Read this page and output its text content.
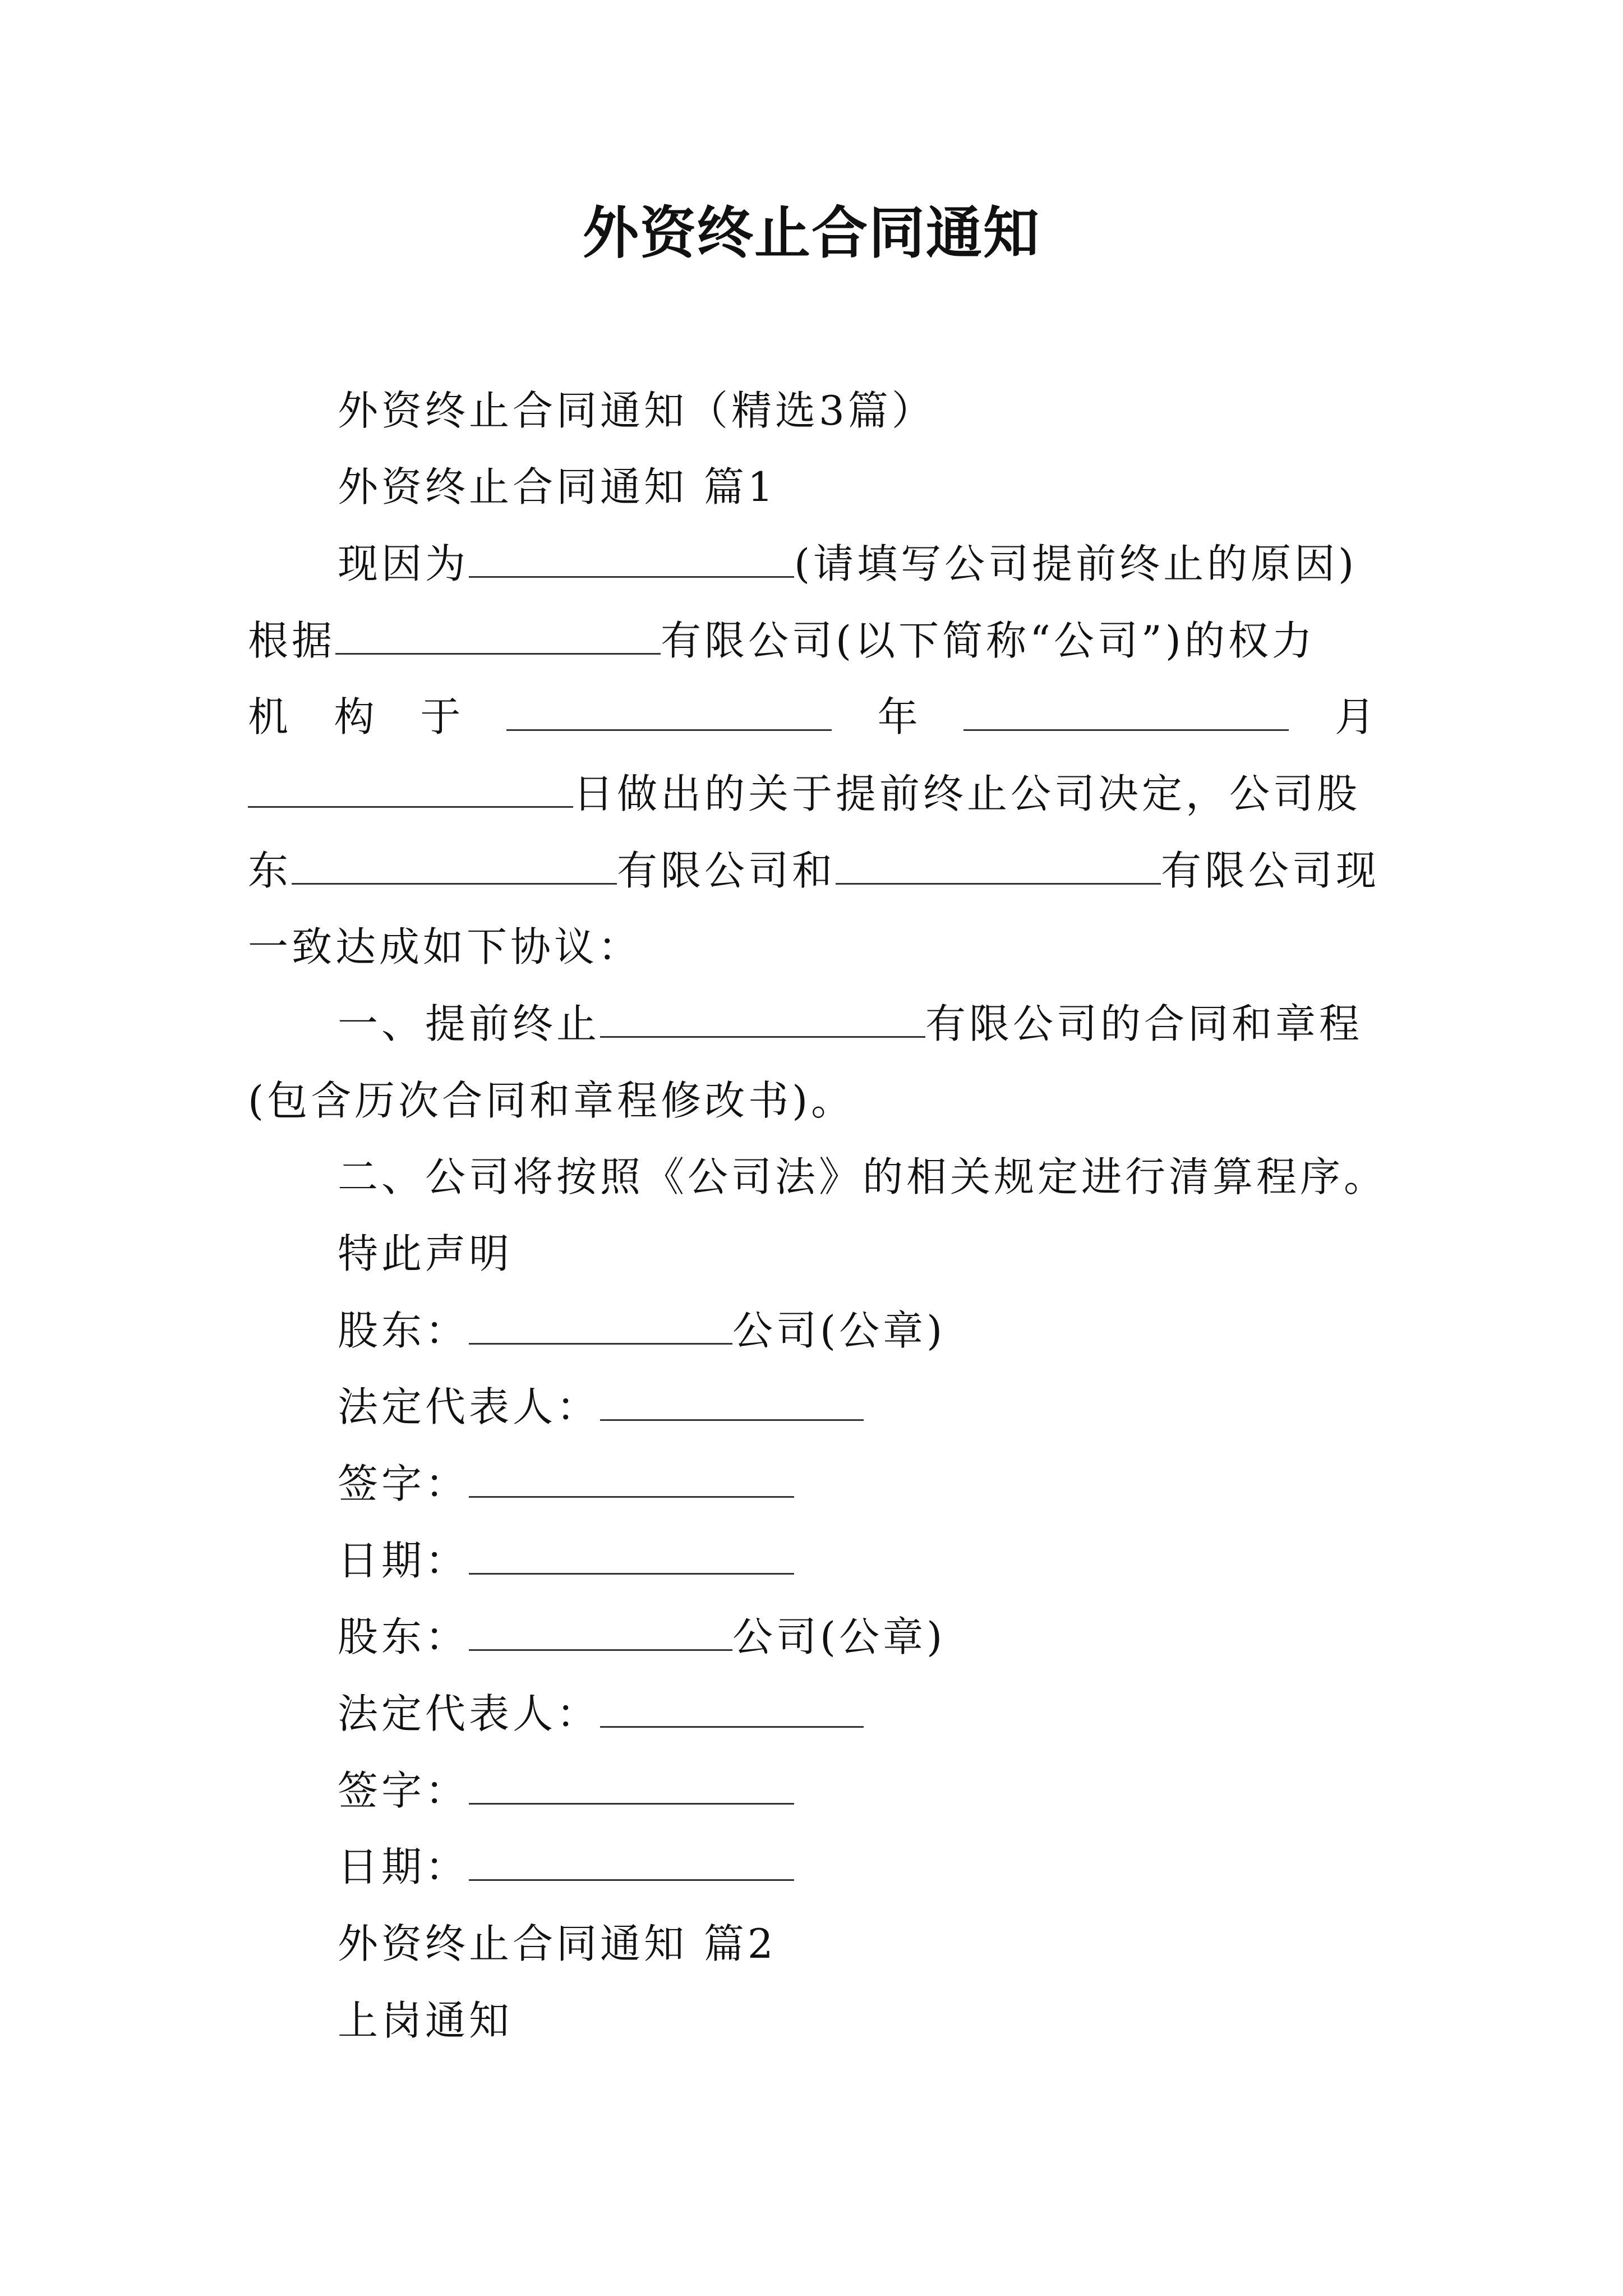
外资终止合同通知
外资终止合同通知（精选3篇）
外资终止合同通知 篇1
现因为	(请填写公司提前终止的原因)
根据	有限公司(以下简称“公司”)的权力
机 构 于	年	月
日做出的关于提前终止公司决定，公司股
东	有限公司和	有限公司现
一致达成如下协议：
一、提前终止	有限公司的合同和章程
(包含历次合同和章程修改书)。
二、公司将按照《公司法》的相关规定进行清算程序。
特此声明
股东：	公司(公章)
法定代表人：
签字：
日期：
股东：	公司(公章)
法定代表人：
签字：
日期：
外资终止合同通知 篇2
上岗通知
